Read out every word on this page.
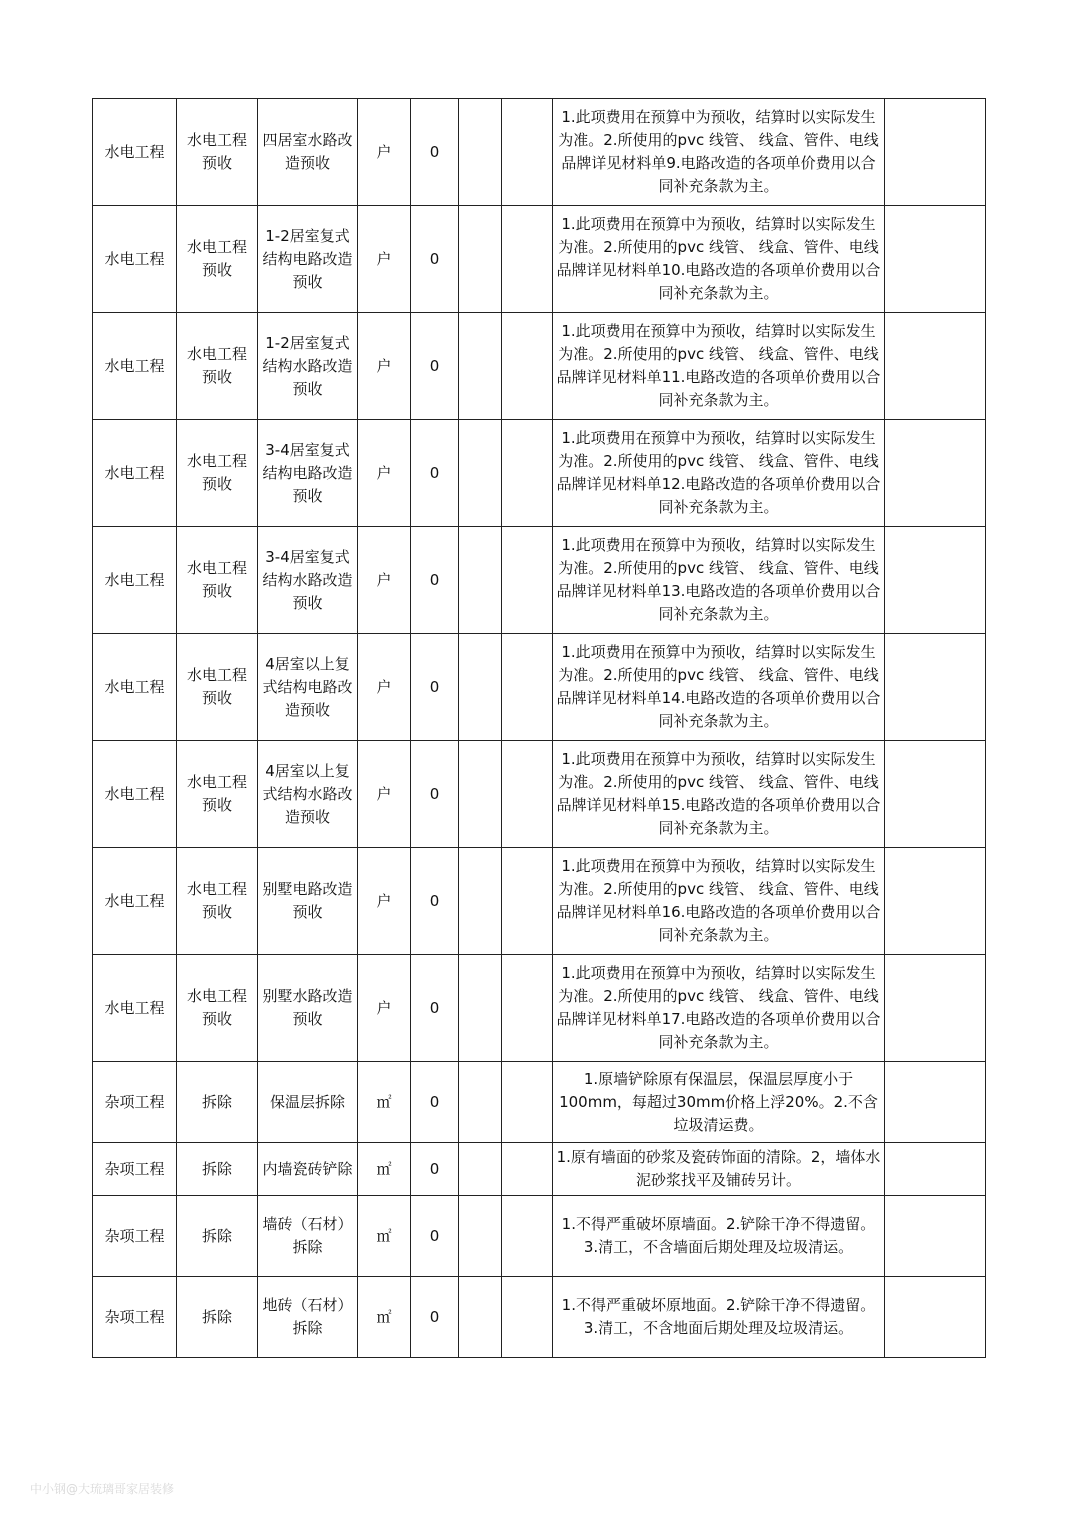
水电工程	水电工程预收	四居室水路改造预收	户	0			1.此项费用在预算中为预收，结算时以实际发生为准。2.所使用的pvc 线管、 线盒、管件、电线品牌详见材料单9.电路改造的各项单价费用以合同补充条款为主。	
水电工程	水电工程预收	1-2居室复式结构电路改造预收	户	0			1.此项费用在预算中为预收，结算时以实际发生为准。2.所使用的pvc 线管、 线盒、管件、电线品牌详见材料单10.电路改造的各项单价费用以合同补充条款为主。	
水电工程	水电工程预收	1-2居室复式结构水路改造预收	户	0			1.此项费用在预算中为预收，结算时以实际发生为准。2.所使用的pvc 线管、 线盒、管件、电线品牌详见材料单11.电路改造的各项单价费用以合同补充条款为主。	
水电工程	水电工程预收	3-4居室复式结构电路改造预收	户	0			1.此项费用在预算中为预收，结算时以实际发生为准。2.所使用的pvc 线管、 线盒、管件、电线品牌详见材料单12.电路改造的各项单价费用以合同补充条款为主。	
水电工程	水电工程预收	3-4居室复式结构水路改造预收	户	0			1.此项费用在预算中为预收，结算时以实际发生为准。2.所使用的pvc 线管、 线盒、管件、电线品牌详见材料单13.电路改造的各项单价费用以合同补充条款为主。	
水电工程	水电工程预收	4居室以上复式结构电路改造预收	户	0			1.此项费用在预算中为预收，结算时以实际发生为准。2.所使用的pvc 线管、 线盒、管件、电线品牌详见材料单14.电路改造的各项单价费用以合同补充条款为主。	
水电工程	水电工程预收	4居室以上复式结构水路改造预收	户	0			1.此项费用在预算中为预收，结算时以实际发生为准。2.所使用的pvc 线管、 线盒、管件、电线品牌详见材料单15.电路改造的各项单价费用以合同补充条款为主。	
水电工程	水电工程预收	别墅电路改造预收	户	0			1.此项费用在预算中为预收，结算时以实际发生为准。2.所使用的pvc 线管、 线盒、管件、电线品牌详见材料单16.电路改造的各项单价费用以合同补充条款为主。	
水电工程	水电工程预收	别墅水路改造预收	户	0			1.此项费用在预算中为预收，结算时以实际发生为准。2.所使用的pvc 线管、 线盒、管件、电线品牌详见材料单17.电路改造的各项单价费用以合同补充条款为主。	
杂项工程	拆除	保温层拆除	㎡	0			1.原墙铲除原有保温层，保温层厚度小于100mm，每超过30mm价格上浮20%。2.不含垃圾清运费。	
杂项工程	拆除	内墙瓷砖铲除	㎡	0			1.原有墙面的砂浆及瓷砖饰面的清除。2，墙体水泥砂浆找平及铺砖另计。	
杂项工程	拆除	墙砖（石材）拆除	㎡	0			1.不得严重破坏原墙面。2.铲除干净不得遗留。3.清工，不含墙面后期处理及垃圾清运。	
杂项工程	拆除	地砖（石材）拆除	㎡	0			1.不得严重破坏原地面。2.铲除干净不得遗留。3.清工，不含地面后期处理及垃圾清运。	
中小钢@大琉璃哥家居装修
